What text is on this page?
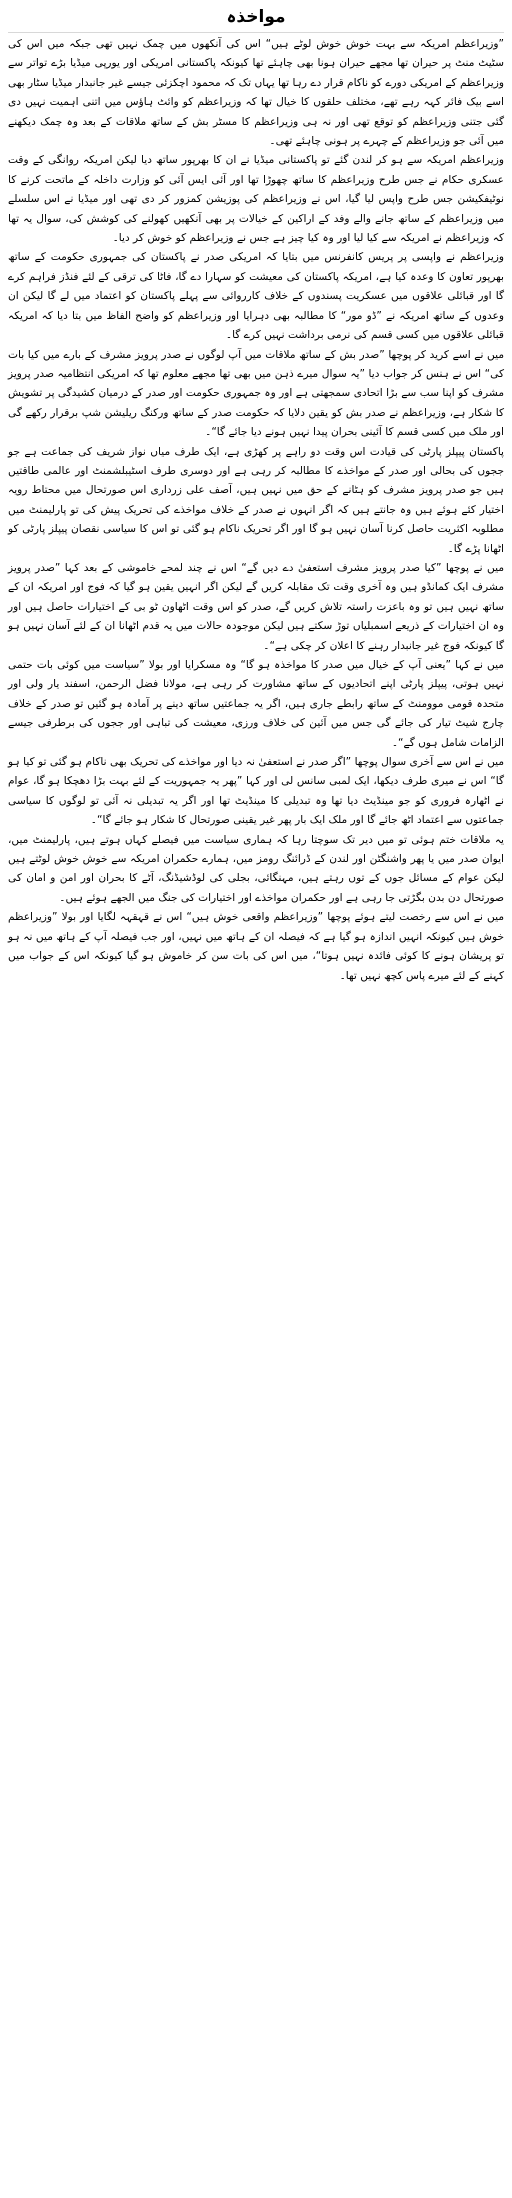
مواخذہ

”وزیراعظم امریکہ سے بہت خوش خوش لوٹے ہیں“ اس کی آنکھوں میں چمک نہیں تھی جبکہ میں اس کی سٹیٹ منٹ پر حیران تھا مجھے حیران ہونا بھی چاہئے تھا کیونکہ پاکستانی امریکی اور یورپی میڈیا بڑے تواتر سے وزیراعظم کے امریکی دورے کو ناکام قرار دے رہا تھا یہاں تک کہ محمود اچکزئی جیسے غیر جانبدار میڈیا سٹار بھی اسے بیک فائر کہہ رہے تھے، مختلف حلقوں کا خیال تھا کہ وزیراعظم کو وائٹ ہاؤس میں اتنی اہمیت نہیں دی گئی جتنی وزیراعظم کو توقع تھی اور نہ ہی وزیراعظم کا مسٹر بش کے ساتھ ملاقات کے بعد وہ چمک دیکھنے میں آئی جو وزیراعظم کے چہرے پر ہونی چاہئے تھی۔

وزیراعظم امریکہ سے ہو کر لندن گئے تو پاکستانی میڈیا نے ان کا بھرپور ساتھ دیا لیکن امریکہ روانگی کے وقت عسکری حکام نے جس طرح وزیراعظم کا ساتھ چھوڑا تھا اور آئی ایس آئی کو وزارت داخلہ کے ماتحت کرنے کا نوٹیفکیشن جس طرح واپس لیا گیا، اس نے وزیراعظم کی پوزیشن کمزور کر دی تھی اور میڈیا نے اس سلسلے میں وزیراعظم کے ساتھ جانے والے وفد کے اراکین کے خیالات پر بھی آنکھیں کھولنے کی کوشش کی، سوال یہ تھا کہ وزیراعظم نے امریکہ سے کیا لیا اور وہ کیا چیز ہے جس نے وزیراعظم کو خوش کر دیا۔

وزیراعظم نے واپسی پر پریس کانفرنس میں بتایا کہ امریکی صدر نے پاکستان کی جمہوری حکومت کے ساتھ بھرپور تعاون کا وعدہ کیا ہے، امریکہ پاکستان کی معیشت کو سہارا دے گا، فاٹا کی ترقی کے لئے فنڈز فراہم کرے گا اور قبائلی علاقوں میں عسکریت پسندوں کے خلاف کارروائی سے پہلے پاکستان کو اعتماد میں لے گا لیکن ان وعدوں کے ساتھ امریکہ نے ”ڈو مور“ کا مطالبہ بھی دہرایا اور وزیراعظم کو واضح الفاظ میں بتا دیا کہ امریکہ قبائلی علاقوں میں کسی قسم کی نرمی برداشت نہیں کرے گا۔

میں نے اسے کرید کر پوچھا ”صدر بش کے ساتھ ملاقات میں آپ لوگوں نے صدر پرویز مشرف کے بارے میں کیا بات کی“ اس نے ہنس کر جواب دیا ”یہ سوال میرے ذہن میں بھی تھا مجھے معلوم تھا کہ امریکی انتظامیہ صدر پرویز مشرف کو اپنا سب سے بڑا اتحادی سمجھتی ہے اور وہ جمہوری حکومت اور صدر کے درمیان کشیدگی پر تشویش کا شکار ہے، وزیراعظم نے صدر بش کو یقین دلایا کہ حکومت صدر کے ساتھ ورکنگ ریلیشن شپ برقرار رکھے گی اور ملک میں کسی قسم کا آئینی بحران پیدا نہیں ہونے دیا جائے گا“۔

پاکستان پیپلز پارٹی کی قیادت اس وقت دو راہے پر کھڑی ہے، ایک طرف میاں نواز شریف کی جماعت ہے جو ججوں کی بحالی اور صدر کے مواخذے کا مطالبہ کر رہی ہے اور دوسری طرف اسٹیبلشمنٹ اور عالمی طاقتیں ہیں جو صدر پرویز مشرف کو ہٹانے کے حق میں نہیں ہیں، آصف علی زرداری اس صورتحال میں محتاط رویہ اختیار کئے ہوئے ہیں وہ جانتے ہیں کہ اگر انہوں نے صدر کے خلاف مواخذے کی تحریک پیش کی تو پارلیمنٹ میں مطلوبہ اکثریت حاصل کرنا آسان نہیں ہو گا اور اگر تحریک ناکام ہو گئی تو اس کا سیاسی نقصان پیپلز پارٹی کو اٹھانا پڑے گا۔

میں نے پوچھا ”کیا صدر پرویز مشرف استعفیٰ دے دیں گے“ اس نے چند لمحے خاموشی کے بعد کہا ”صدر پرویز مشرف ایک کمانڈو ہیں وہ آخری وقت تک مقابلہ کریں گے لیکن اگر انہیں یقین ہو گیا کہ فوج اور امریکہ ان کے ساتھ نہیں ہیں تو وہ باعزت راستہ تلاش کریں گے، صدر کو اس وقت اٹھاون ٹو بی کے اختیارات حاصل ہیں اور وہ ان اختیارات کے ذریعے اسمبلیاں توڑ سکتے ہیں لیکن موجودہ حالات میں یہ قدم اٹھانا ان کے لئے آسان نہیں ہو گا کیونکہ فوج غیر جانبدار رہنے کا اعلان کر چکی ہے“۔

میں نے کہا ”یعنی آپ کے خیال میں صدر کا مواخذہ ہو گا“ وہ مسکرایا اور بولا ”سیاست میں کوئی بات حتمی نہیں ہوتی، پیپلز پارٹی اپنے اتحادیوں کے ساتھ مشاورت کر رہی ہے، مولانا فضل الرحمن، اسفند یار ولی اور متحدہ قومی موومنٹ کے ساتھ رابطے جاری ہیں، اگر یہ جماعتیں ساتھ دینے پر آمادہ ہو گئیں تو صدر کے خلاف چارج شیٹ تیار کی جائے گی جس میں آئین کی خلاف ورزی، معیشت کی تباہی اور ججوں کی برطرفی جیسے الزامات شامل ہوں گے“۔

میں نے اس سے آخری سوال پوچھا ”اگر صدر نے استعفیٰ نہ دیا اور مواخذے کی تحریک بھی ناکام ہو گئی تو کیا ہو گا“ اس نے میری طرف دیکھا، ایک لمبی سانس لی اور کہا ”پھر یہ جمہوریت کے لئے بہت بڑا دھچکا ہو گا، عوام نے اٹھارہ فروری کو جو مینڈیٹ دیا تھا وہ تبدیلی کا مینڈیٹ تھا اور اگر یہ تبدیلی نہ آئی تو لوگوں کا سیاسی جماعتوں سے اعتماد اٹھ جائے گا اور ملک ایک بار پھر غیر یقینی صورتحال کا شکار ہو جائے گا“۔

یہ ملاقات ختم ہوئی تو میں دیر تک سوچتا رہا کہ ہماری سیاست میں فیصلے کہاں ہوتے ہیں، پارلیمنٹ میں، ایوان صدر میں یا پھر واشنگٹن اور لندن کے ڈرائنگ رومز میں، ہمارے حکمران امریکہ سے خوش خوش لوٹتے ہیں لیکن عوام کے مسائل جوں کے توں رہتے ہیں، مہنگائی، بجلی کی لوڈشیڈنگ، آٹے کا بحران اور امن و امان کی صورتحال دن بدن بگڑتی جا رہی ہے اور حکمران مواخذے اور اختیارات کی جنگ میں الجھے ہوئے ہیں۔

میں نے اس سے رخصت لیتے ہوئے پوچھا ”وزیراعظم واقعی خوش ہیں“ اس نے قہقہہ لگایا اور بولا ”وزیراعظم خوش ہیں کیونکہ انہیں اندازہ ہو گیا ہے کہ فیصلہ ان کے ہاتھ میں نہیں، اور جب فیصلہ آپ کے ہاتھ میں نہ ہو تو پریشان ہونے کا کوئی فائدہ نہیں ہوتا“، میں اس کی بات سن کر خاموش ہو گیا کیونکہ اس کے جواب میں کہنے کے لئے میرے پاس کچھ نہیں تھا۔
